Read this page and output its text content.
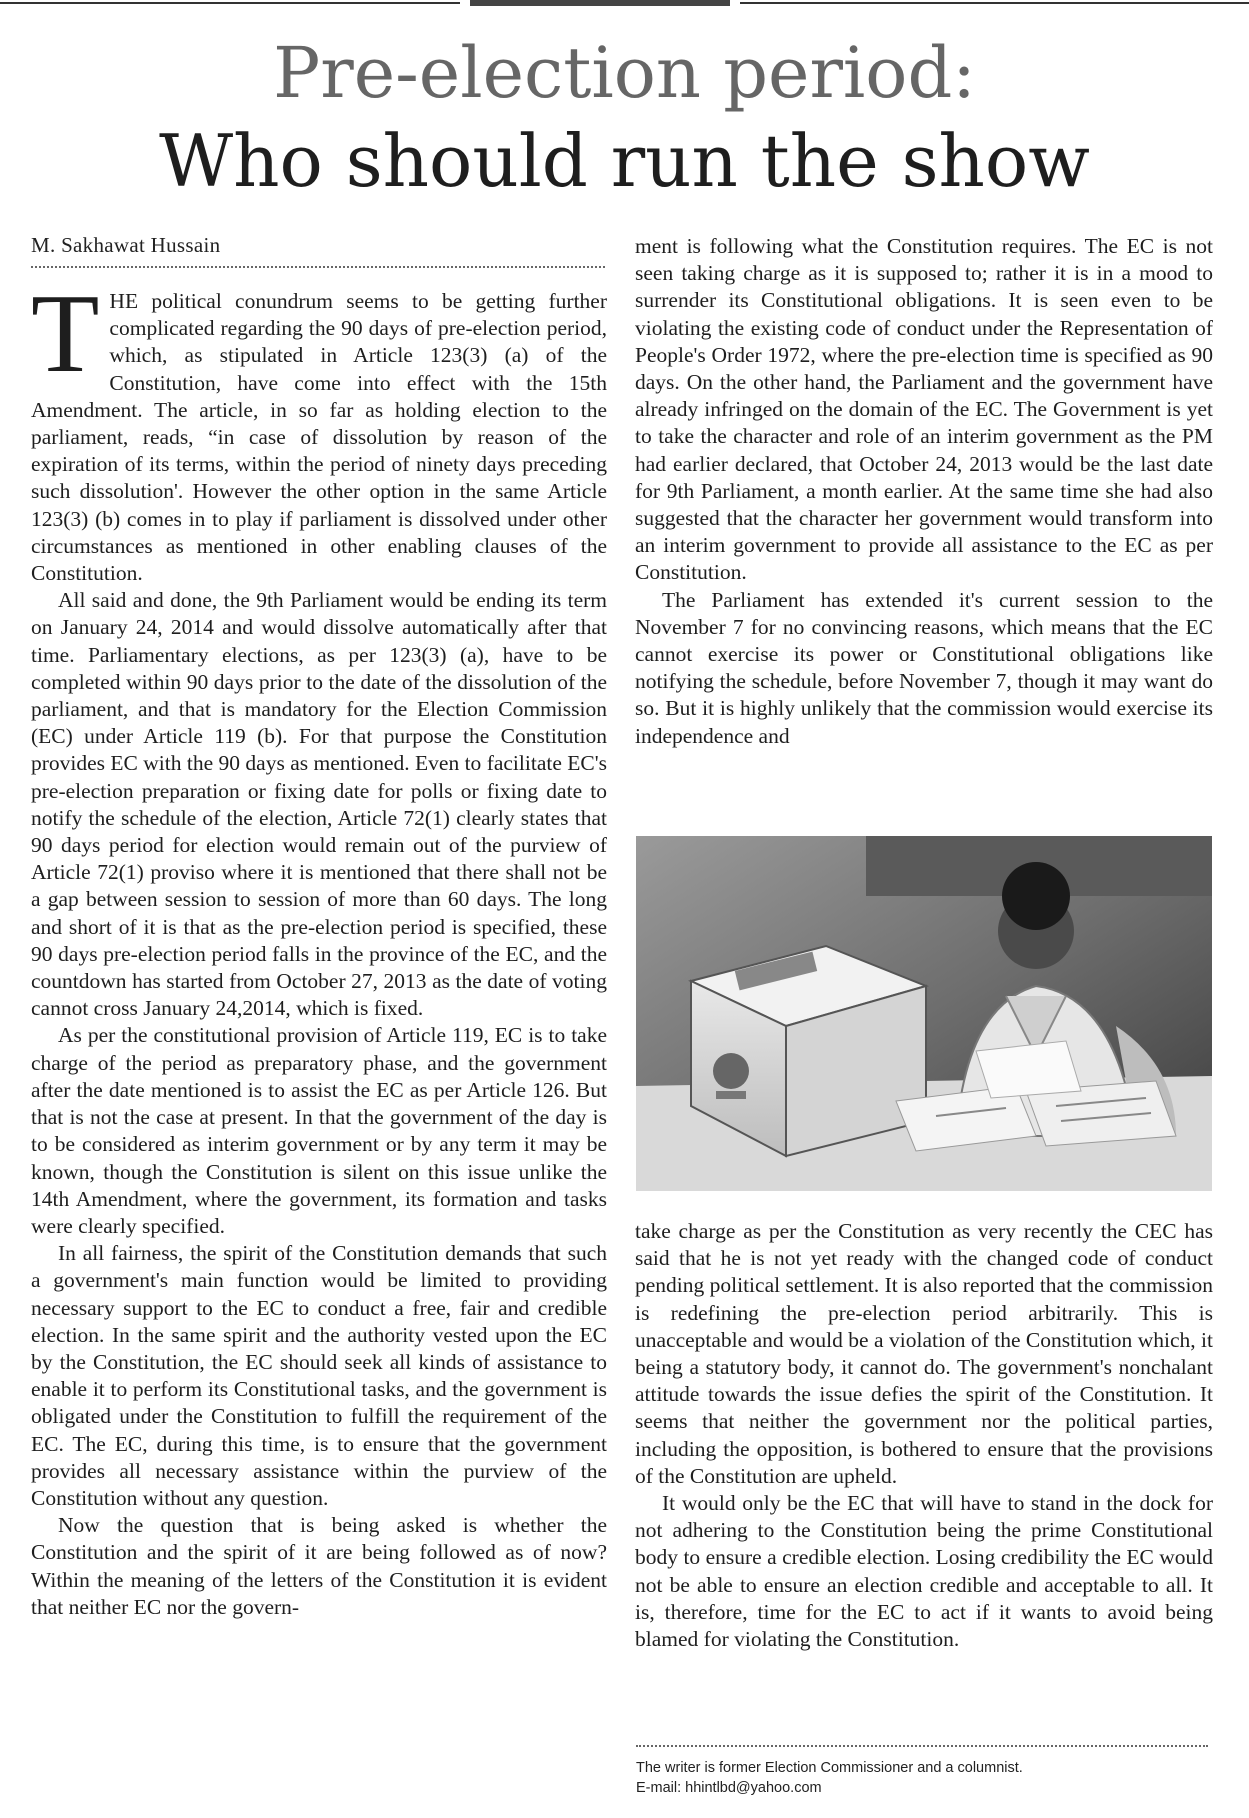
Pre-election period:
Who should run the show
M. Sakhawat Hussain

THE political conundrum seems to be getting further complicated regarding the 90 days of pre-election period, which, as stipulated in Article 123(3) (a) of the Constitution, have come into effect with the 15th Amendment. The article, in so far as holding election to the parliament, reads, “in case of dissolution by reason of the expiration of its terms, within the period of ninety days preceding such dissolution'. However the other option in the same Article 123(3) (b) comes in to play if parliament is dissolved under other circumstances as mentioned in other enabling clauses of the Constitution.

All said and done, the 9th Parliament would be ending its term on January 24, 2014 and would dissolve automatically after that time. Parliamentary elections, as per 123(3) (a), have to be completed within 90 days prior to the date of the dissolution of the parliament, and that is mandatory for the Election Commission (EC) under Article 119 (b). For that purpose the Constitution provides EC with the 90 days as mentioned. Even to facilitate EC's pre-election preparation or fixing date for polls or fixing date to notify the schedule of the election, Article 72(1) clearly states that 90 days period for election would remain out of the purview of Article 72(1) proviso where it is mentioned that there shall not be a gap between session to session of more than 60 days. The long and short of it is that as the pre-election period is specified, these 90 days pre-election period falls in the province of the EC, and the countdown has started from October 27, 2013 as the date of voting cannot cross January 24,2014, which is fixed.

As per the constitutional provision of Article 119, EC is to take charge of the period as preparatory phase, and the government after the date mentioned is to assist the EC as per Article 126. But that is not the case at present. In that the government of the day is to be considered as interim government or by any term it may be known, though the Constitution is silent on this issue unlike the 14th Amendment, where the government, its formation and tasks were clearly specified.

In all fairness, the spirit of the Constitution demands that such a government's main function would be limited to providing necessary support to the EC to conduct a free, fair and credible election. In the same spirit and the authority vested upon the EC by the Constitution, the EC should seek all kinds of assistance to enable it to perform its Constitutional tasks, and the government is obligated under the Constitution to fulfill the requirement of the EC. The EC, during this time, is to ensure that the government provides all necessary assistance within the purview of the Constitution without any question.

Now the question that is being asked is whether the Constitution and the spirit of it are being followed as of now? Within the meaning of the letters of the Constitution it is evident that neither EC nor the govern-

ment is following what the Constitution requires. The EC is not seen taking charge as it is supposed to; rather it is in a mood to surrender its Constitutional obligations. It is seen even to be violating the existing code of conduct under the Representation of People's Order 1972, where the pre-election time is specified as 90 days. On the other hand, the Parliament and the government have already infringed on the domain of the EC. The Government is yet to take the character and role of an interim government as the PM had earlier declared, that October 24, 2013 would be the last date for 9th Parliament, a month earlier. At the same time she had also suggested that the character her government would transform into an interim government to provide all assistance to the EC as per Constitution.

The Parliament has extended it's current session to the November 7 for no convincing reasons, which means that the EC cannot exercise its power or Constitutional obligations like notifying the schedule, before November 7, though it may want do so. But it is highly unlikely that the commission would exercise its independence and

take charge as per the Constitution as very recently the CEC has said that he is not yet ready with the changed code of conduct pending political settlement. It is also reported that the commission is redefining the pre-election period arbitrarily. This is unacceptable and would be a violation of the Constitution which, it being a statutory body, it cannot do. The government's nonchalant attitude towards the issue defies the spirit of the Constitution. It seems that neither the government nor the political parties, including the opposition, is bothered to ensure that the provisions of the Constitution are upheld.

It would only be the EC that will have to stand in the dock for not adhering to the Constitution being the prime Constitutional body to ensure a credible election. Losing credibility the EC would not be able to ensure an election credible and acceptable to all. It is, therefore, time for the EC to act if it wants to avoid being blamed for violating the Constitution.

The writer is former Election Commissioner and a columnist.
E-mail: hhintlbd@yahoo.com
